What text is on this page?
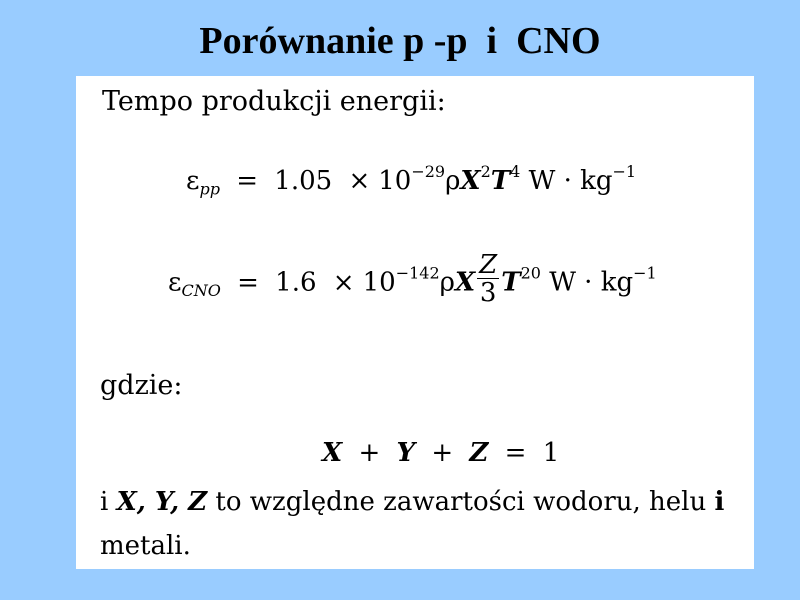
Porównanie p -p  i  CNO
Tempo produkcji energii:
$\varepsilon_{pp} = 1.05 \times 10^{-29}\rho X^2T^4$ $W \cdot kg^{-1}$
$\varepsilon_{CNO} = 1.6 \times 10^{-142}\rho X \frac{Z}{3} T^{20}$ $W \cdot kg^{-1}$
gdzie:
X + Y + Z = 1
i X, Y, Z to względne zawartości wodoru, helu i metali.
